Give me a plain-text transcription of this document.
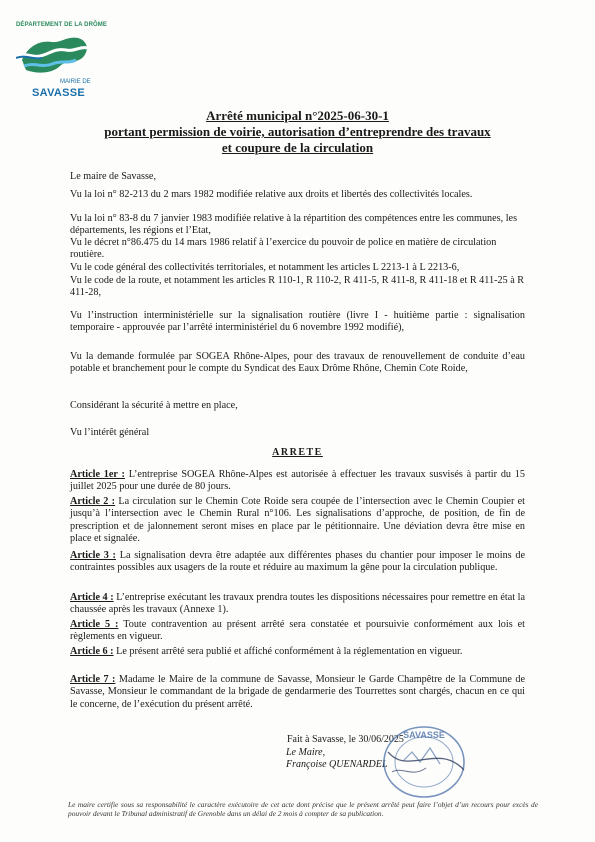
DÉPARTEMENT DE LA DRÔME
MAIRIE DE
SAVASSE
Arrêté municipal n°2025-06-30-1
portant permission de voirie, autorisation d’entreprendre des travaux
et coupure de la circulation
Le maire de Savasse,
Vu la loi n° 82-213 du 2 mars 1982 modifiée relative aux droits et libertés des collectivités locales.
Vu la loi n° 83-8 du 7 janvier 1983 modifiée relative à la répartition des compétences entre les communes, les départements, les régions et l’Etat,
Vu le décret n°86.475 du 14 mars 1986 relatif à l’exercice du pouvoir de police en matière de circulation routière.
Vu le code général des collectivités territoriales, et notamment les articles L 2213-1 à L 2213-6,
Vu le code de la route, et notamment les articles R 110-1, R 110-2, R 411-5, R 411-8, R 411-18 et R 411-25 à R 411-28,
Vu l’instruction interministérielle sur la signalisation routière (livre I - huitième partie : signalisation temporaire - approuvée par l’arrêté interministériel du 6 novembre 1992 modifié),
Vu la demande formulée par SOGEA Rhône-Alpes, pour des travaux de renouvellement de conduite d’eau potable et branchement pour le compte du Syndicat des Eaux Drôme Rhône, Chemin Cote Roide,
Considérant la sécurité à mettre en place,
Vu l’intérêt général
ARRETE
Article 1er : L’entreprise SOGEA Rhône-Alpes est autorisée à effectuer les travaux susvisés à partir du 15 juillet 2025 pour une durée de 80 jours.
Article 2 : La circulation sur le Chemin Cote Roide sera coupée de l’intersection avec le Chemin Coupier et jusqu’à l’intersection avec le Chemin Rural n°106. Les signalisations d’approche, de position, de fin de prescription et de jalonnement seront mises en place par le pétitionnaire. Une déviation devra être mise en place et signalée.
Article 3 : La signalisation devra être adaptée aux différentes phases du chantier pour imposer le moins de contraintes possibles aux usagers de la route et réduire au maximum la gêne pour la circulation publique.
Article 4 : L’entreprise exécutant les travaux prendra toutes les dispositions nécessaires pour remettre en état la chaussée après les travaux (Annexe 1).
Article 5 : Toute contravention au présent arrêté sera constatée et poursuivie conformément aux lois et règlements en vigueur.
Article 6 : Le présent arrêté sera publié et affiché conformément à la réglementation en vigueur.
Article 7 : Madame le Maire de la commune de Savasse, Monsieur le Garde Champêtre de la Commune de Savasse, Monsieur le commandant de la brigade de gendarmerie des Tourrettes sont chargés, chacun en ce qui le concerne, de l’exécution du présent arrêté.
Fait à Savasse, le 30/06/2025
Le Maire,
Françoise QUENARDEL
SAVASSE
Le maire certifie sous sa responsabilité le caractère exécutoire de cet acte dont précise que le présent arrêté peut faire l’objet d’un recours pour excès de pouvoir devant le Tribunal administratif de Grenoble dans un délai de 2 mois à compter de sa publication.
